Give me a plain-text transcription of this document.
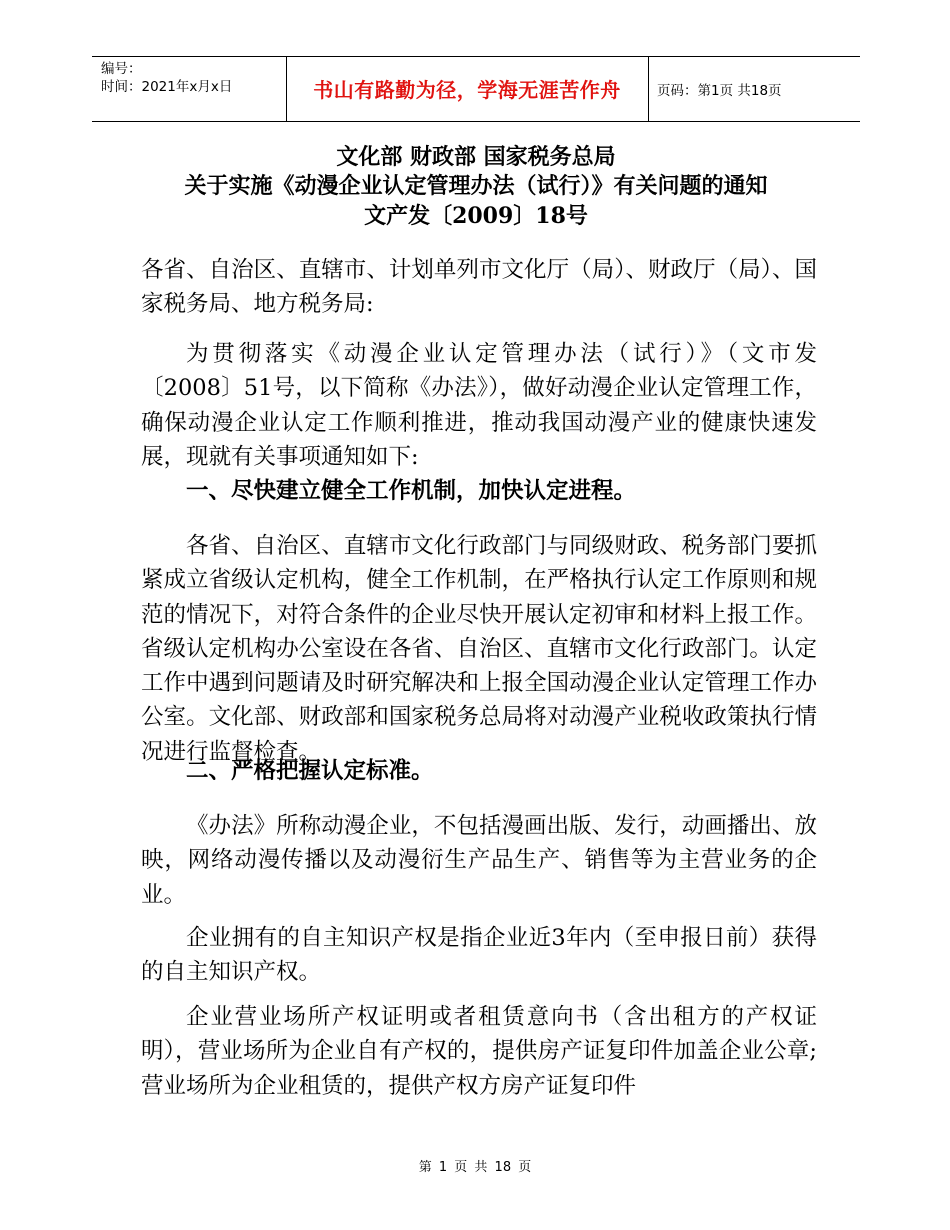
编号：
时间：2021年x月x日	书山有路勤为径，学海无涯苦作舟	页码：第1页 共18页
文化部 财政部 国家税务总局
关于实施《动漫企业认定管理办法（试行）》有关问题的通知
文产发〔2009〕18号
各省、自治区、直辖市、计划单列市文化厅（局）、财政厅（局）、国家税务局、地方税务局:
为贯彻落实《动漫企业认定管理办法（试行）》（文市发〔2008〕51号，以下简称《办法》），做好动漫企业认定管理工作，确保动漫企业认定工作顺利推进，推动我国动漫产业的健康快速发展，现就有关事项通知如下:
一、尽快建立健全工作机制，加快认定进程。
各省、自治区、直辖市文化行政部门与同级财政、税务部门要抓紧成立省级认定机构，健全工作机制，在严格执行认定工作原则和规范的情况下，对符合条件的企业尽快开展认定初审和材料上报工作。省级认定机构办公室设在各省、自治区、直辖市文化行政部门。认定工作中遇到问题请及时研究解决和上报全国动漫企业认定管理工作办公室。文化部、财政部和国家税务总局将对动漫产业税收政策执行情况进行监督检查。
二、严格把握认定标准。
《办法》所称动漫企业，不包括漫画出版、发行，动画播出、放映，网络动漫传播以及动漫衍生产品生产、销售等为主营业务的企业。
企业拥有的自主知识产权是指企业近3年内（至申报日前）获得的自主知识产权。
企业营业场所产权证明或者租赁意向书（含出租方的产权证明），营业场所为企业自有产权的，提供房产证复印件加盖企业公章;营业场所为企业租赁的，提供产权方房产证复印件
第 1 页 共 18 页
